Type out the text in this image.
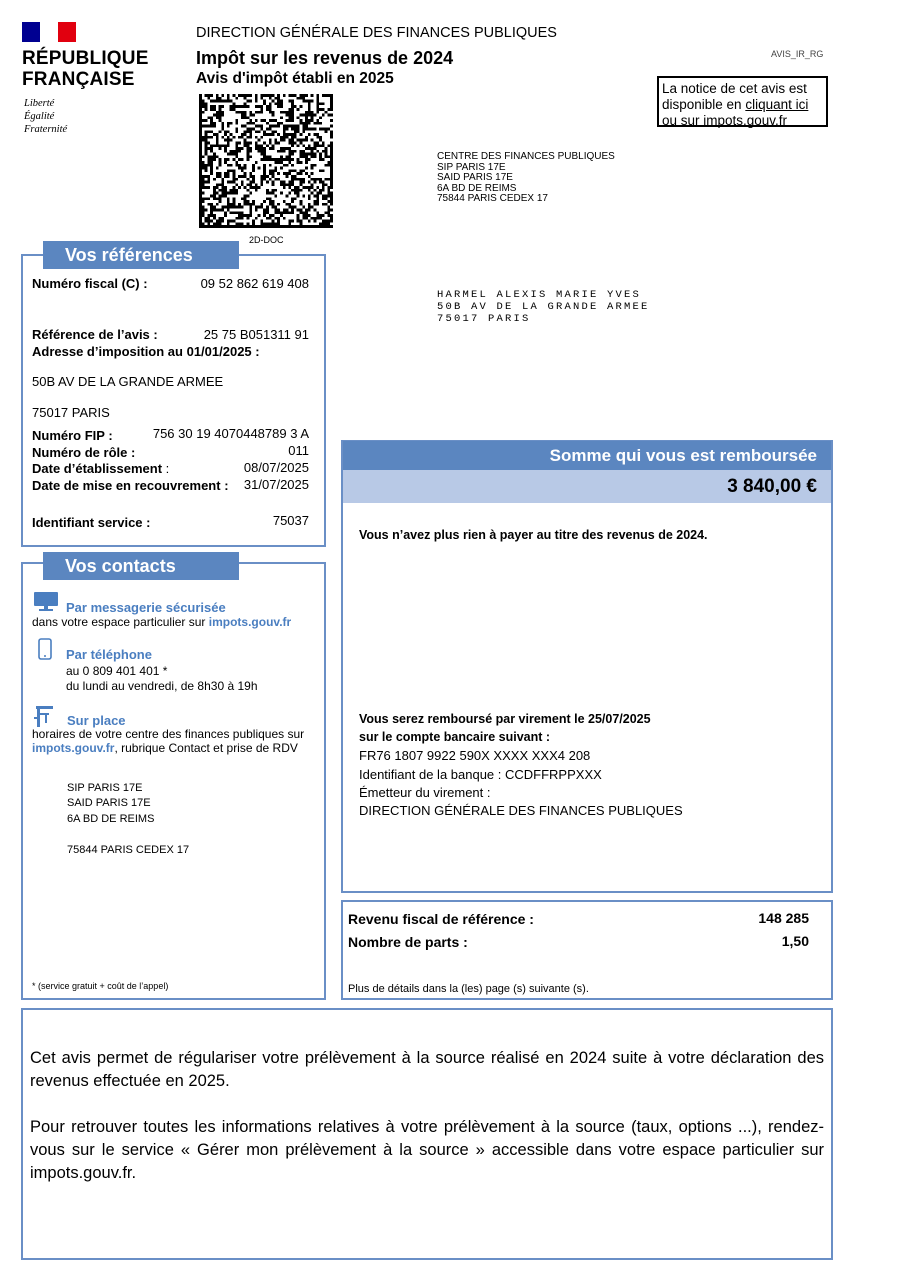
RÉPUBLIQUE
FRANÇAISE
Liberté
Égalité
Fraternité
DIRECTION GÉNÉRALE DES FINANCES PUBLIQUES
Impôt sur les revenus de 2024
Avis d'impôt établi en 2025
AVIS_IR_RG
La notice de cet avis est
disponible en cliquant ici
ou sur impots.gouv.fr
2D-DOC
CENTRE DES FINANCES PUBLIQUES
SIP PARIS 17E
SAID PARIS 17E
6A BD DE REIMS
75844 PARIS CEDEX 17
HARMEL ALEXIS MARIE YVES
50B AV DE LA GRANDE ARMEE
75017 PARIS
Vos références
Numéro fiscal (C) :	09 52 862 619 408
Référence de l’avis :	25 75 B051311 91
Adresse d’imposition au 01/01/2025 :
50B AV DE LA GRANDE ARMEE
75017 PARIS
Numéro FIP :	756 30 19 4070448789 3 A
Numéro de rôle :	011
Date d’établissement :	08/07/2025
Date de mise en recouvrement : 31/07/2025
Identifiant service :	75037
Vos contacts
Par messagerie sécurisée
dans votre espace particulier sur impots.gouv.fr
Par téléphone
au 0 809 401 401 *
du lundi au vendredi, de 8h30 à 19h
Sur place
horaires de votre centre des finances publiques sur
impots.gouv.fr, rubrique Contact et prise de RDV
SIP PARIS 17E
SAID PARIS 17E
6A BD DE REIMS
75844 PARIS CEDEX 17
* (service gratuit + coût de l’appel)
Somme qui vous est remboursée
3 840,00 €
Vous n’avez plus rien à payer au titre des revenus de 2024.
Vous serez remboursé par virement le 25/07/2025
sur le compte bancaire suivant :
FR76 1807 9922 590X XXXX XXX4 208
Identifiant de la banque : CCDFFRPPXXX
Émetteur du virement :
DIRECTION GÉNÉRALE DES FINANCES PUBLIQUES
Revenu fiscal de référence :	148 285
Nombre de parts :	1,50
Plus de détails dans la (les) page (s) suivante (s).
Cet avis permet de régulariser votre prélèvement à la source réalisé en 2024 suite à votre déclaration des revenus effectuée en 2025.
Pour retrouver toutes les informations relatives à votre prélèvement à la source (taux, options ...), rendez-vous sur le service « Gérer mon prélèvement à la source » accessible dans votre espace particulier sur impots.gouv.fr.
